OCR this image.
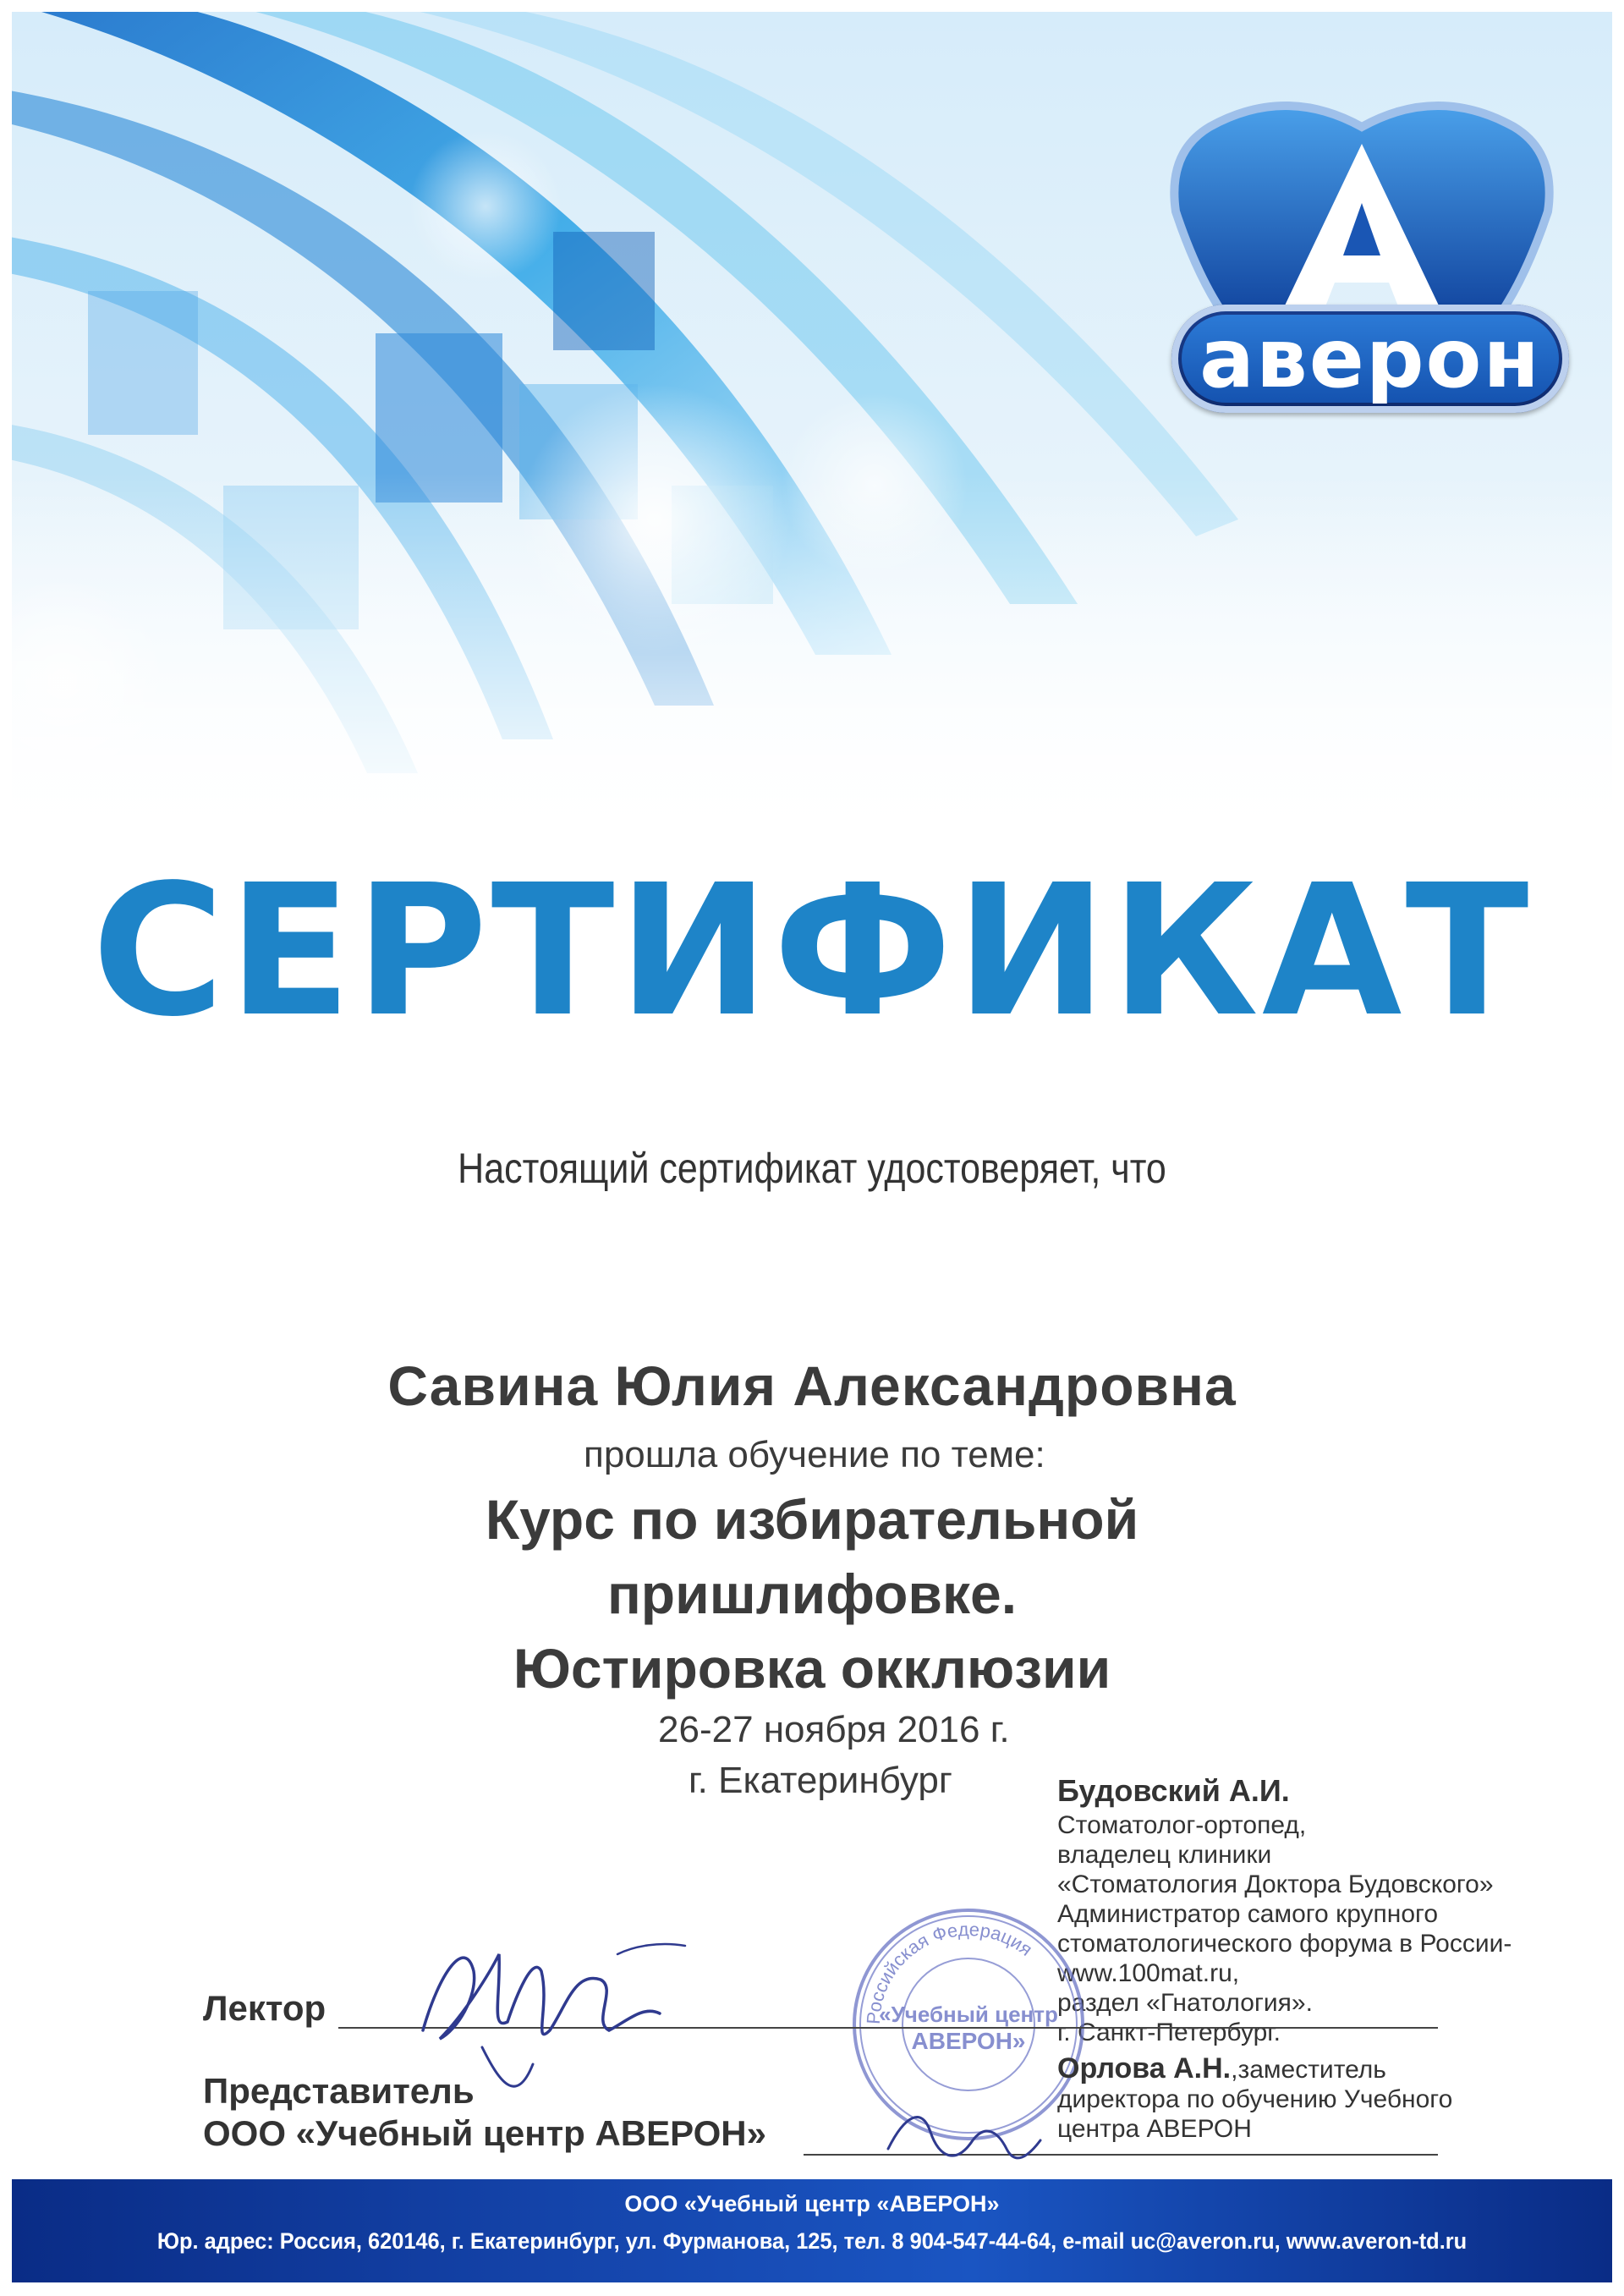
аверон
СЕРТИФИКАТ
Настоящий сертификат удостоверяет, что
Савина Юлия Александровна
прошла обучение по теме:
Курс по избирательной
пришлифовке.
Юстировка окклюзии
26-27 ноября 2016 г.
г. Екатеринбург	Будовский А.И.
Стоматолог-ортопед,
владелец клиники
«Стоматология Доктора Будовского»
Администратор самого крупного
стоматологического форума в России-
www.100mat.ru,
раздел «Гнатология».
г. Санкт-Петербург.
Российская Федерация
«Учебный центр
АВЕРОН»
Лектор
Представитель
ООО «Учебный центр АВЕРОН»
Орлова А.Н.,заместитель
директора по обучению Учебного
центра АВЕРОН
ООО «Учебный центр «АВЕРОН»
Юр. адрес: Россия, 620146, г. Екатеринбург, ул. Фурманова, 125, тел. 8 904-547-44-64, e-mail uc@averon.ru, www.averon-td.ru
